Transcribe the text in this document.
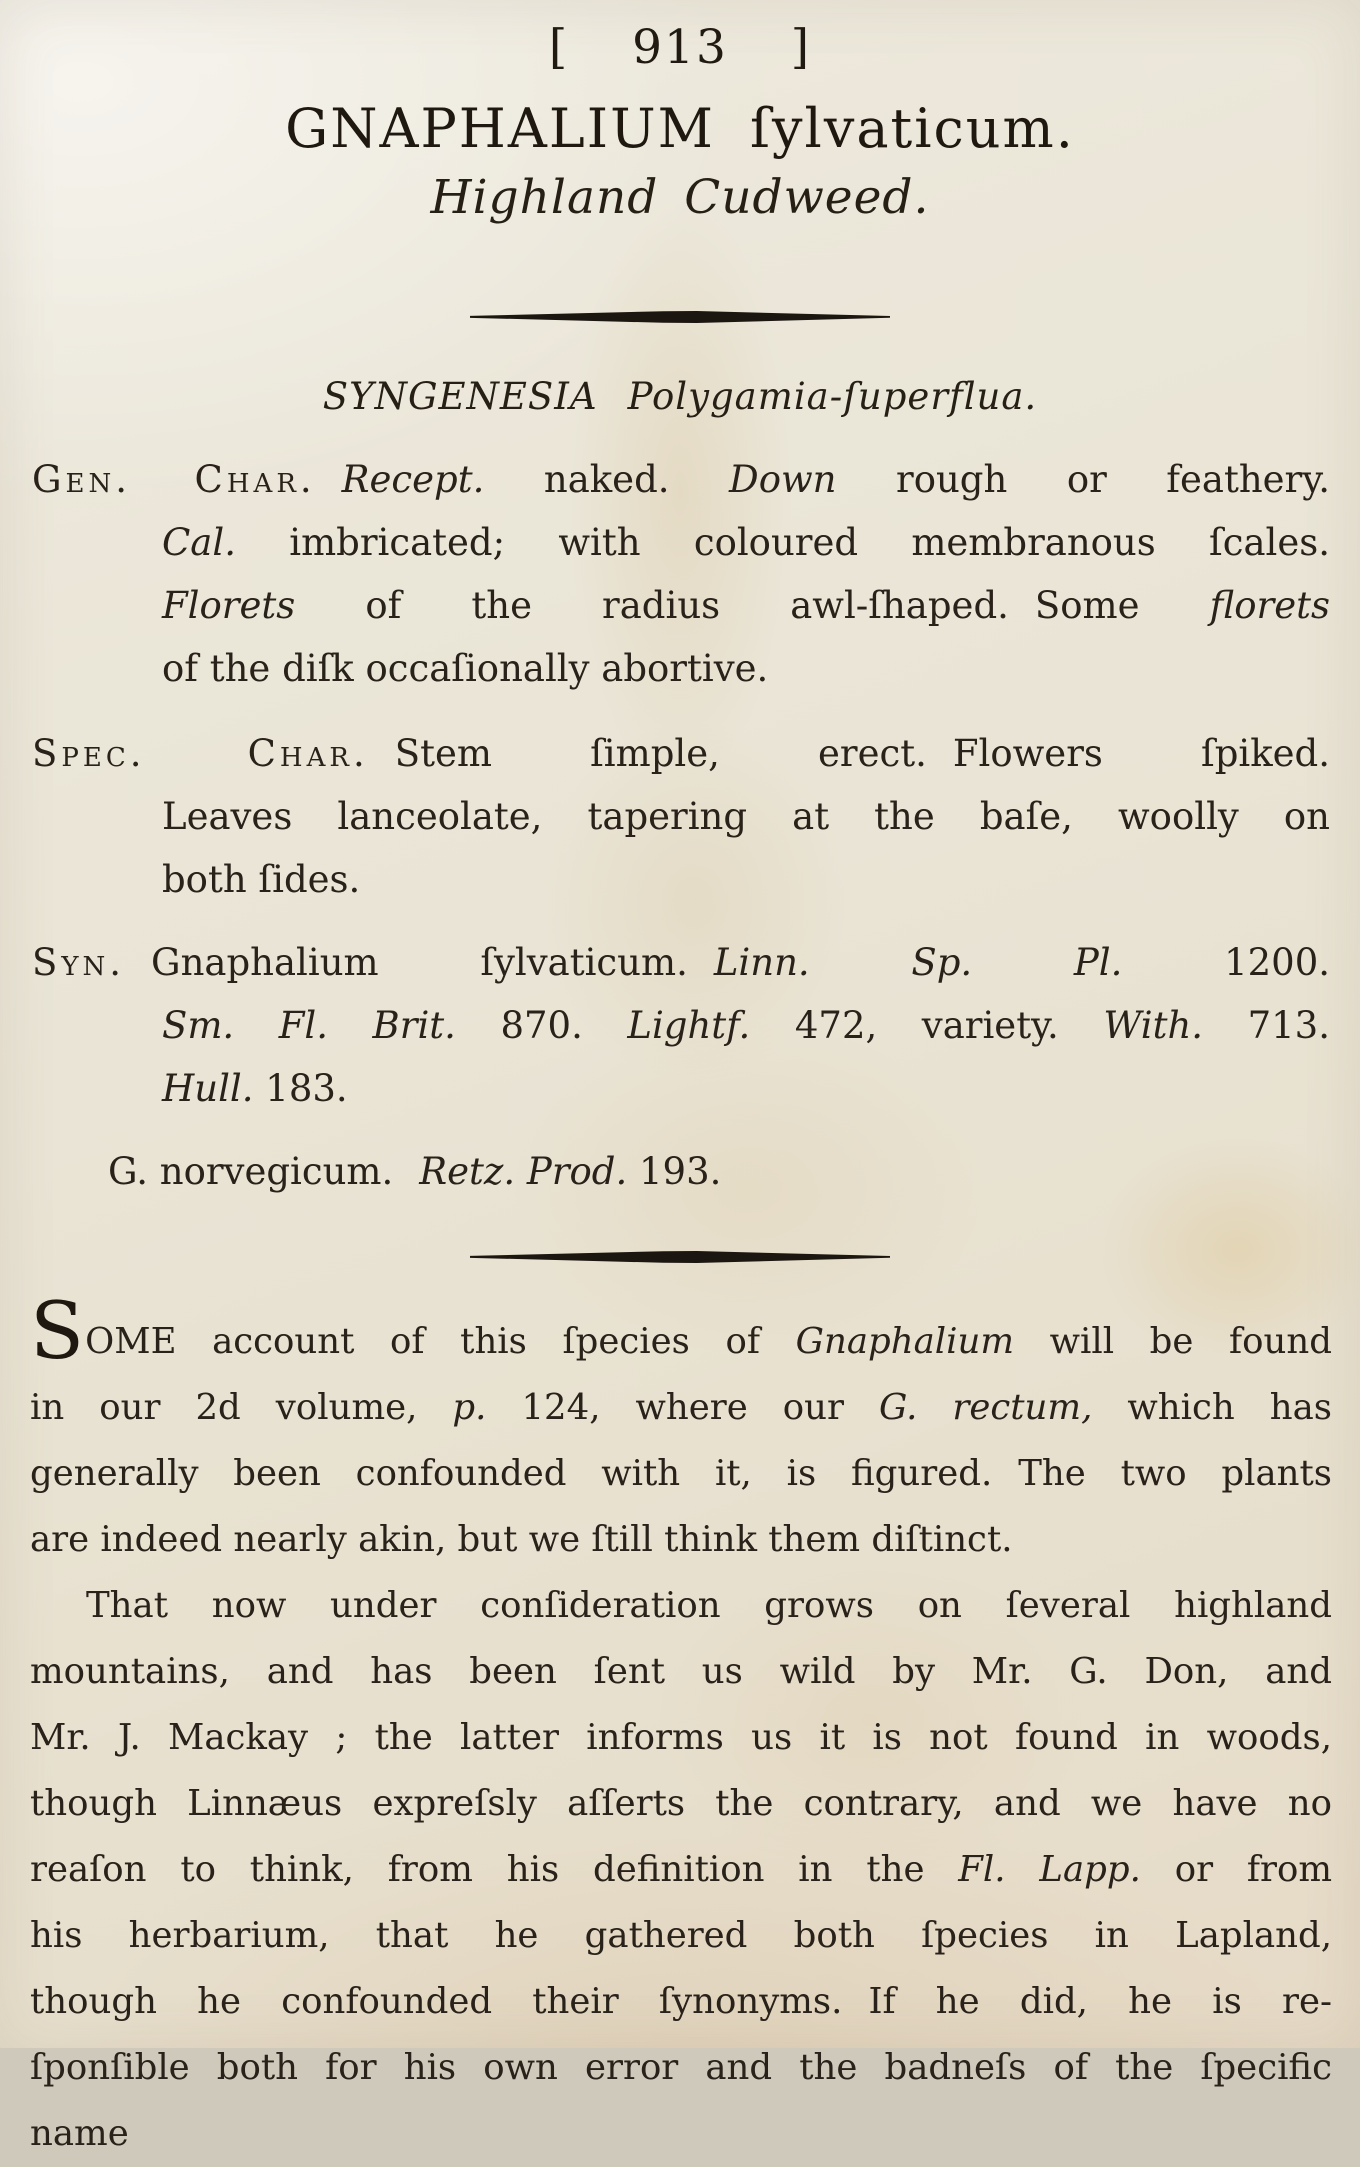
[ 913 ]
GNAPHALIUM ſylvaticum.
Highland Cudweed.
SYNGENESIA Polygamia-ſuperflua.
Gen. Char. Recept. naked. Down rough or feathery.
Cal. imbricated; with coloured membranous ſcales.
Florets of the radius awl-ſhaped. Some florets
of the diſk occaſionally abortive.
Spec. Char. Stem ſimple, erect. Flowers ſpiked.
Leaves lanceolate, tapering at the baſe, woolly on
both ſides.
Syn. Gnaphalium ſylvaticum. Linn. Sp. Pl. 1200.
Sm. Fl. Brit. 870. Lightf. 472, variety. With. 713.
Hull. 183.
G. norvegicum. Retz. Prod. 193.
SOME account of this ſpecies of Gnaphalium will be found
in our 2d volume, p. 124, where our G. rectum, which has
generally been confounded with it, is figured. The two plants
are indeed nearly akin, but we ſtill think them diſtinct.
That now under conſideration grows on ſeveral highland
mountains, and has been ſent us wild by Mr. G. Don, and
Mr. J. Mackay ; the latter informs us it is not found in woods,
though Linnæus expreſsly aſſerts the contrary, and we have no
reaſon to think, from his definition in the Fl. Lapp. or from
his herbarium, that he gathered both ſpecies in Lapland,
though he confounded their ſynonyms. If he did, he is re-
ſponſible both for his own error and the badneſs of the ſpecific
name
